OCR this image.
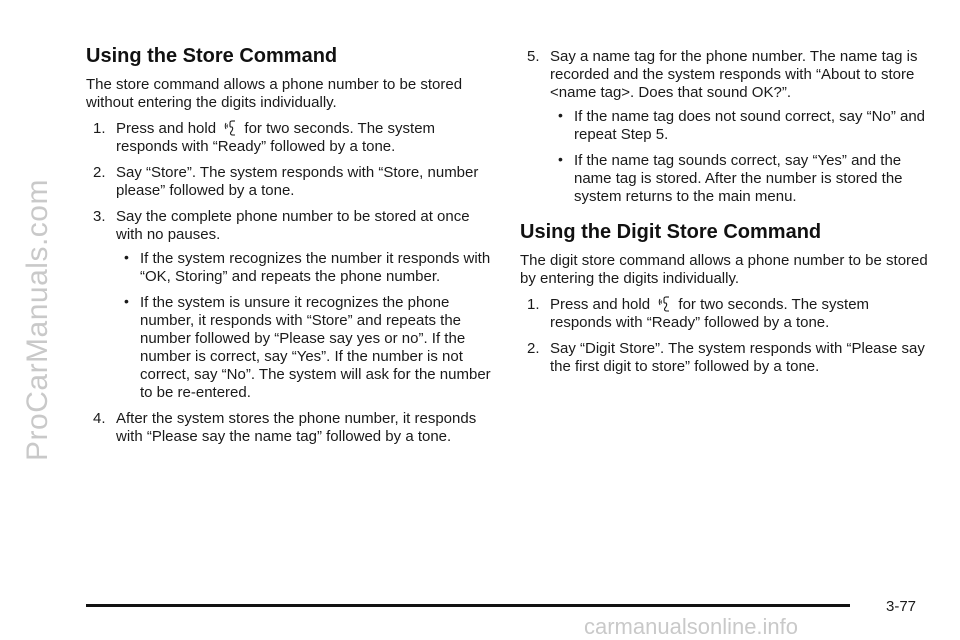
ProCarManuals.com
Using the Store Command

The store command allows a phone number to be stored without entering the digits individually.

1. Press and hold for two seconds. The system responds with “Ready” followed by a tone.
2. Say “Store”. The system responds with “Store, number please” followed by a tone.
3. Say the complete phone number to be stored at once with no pauses.
• If the system recognizes the number it responds with “OK, Storing” and repeats the phone number.
• If the system is unsure it recognizes the phone number, it responds with “Store” and repeats the number followed by “Please say yes or no”. If the number is correct, say “Yes”. If the number is not correct, say “No”. The system will ask for the number to be re-entered.
4. After the system stores the phone number, it responds with “Please say the name tag” followed by a tone.
5. Say a name tag for the phone number. The name tag is recorded and the system responds with “About to store <name tag>. Does that sound OK?”.
• If the name tag does not sound correct, say “No” and repeat Step 5.
• If the name tag sounds correct, say “Yes” and the name tag is stored. After the number is stored the system returns to the main menu.
Using the Digit Store Command

The digit store command allows a phone number to be stored by entering the digits individually.

1. Press and hold for two seconds. The system responds with “Ready” followed by a tone.
2. Say “Digit Store”. The system responds with “Please say the first digit to store” followed by a tone.
3-77
carmanualsonline.info
